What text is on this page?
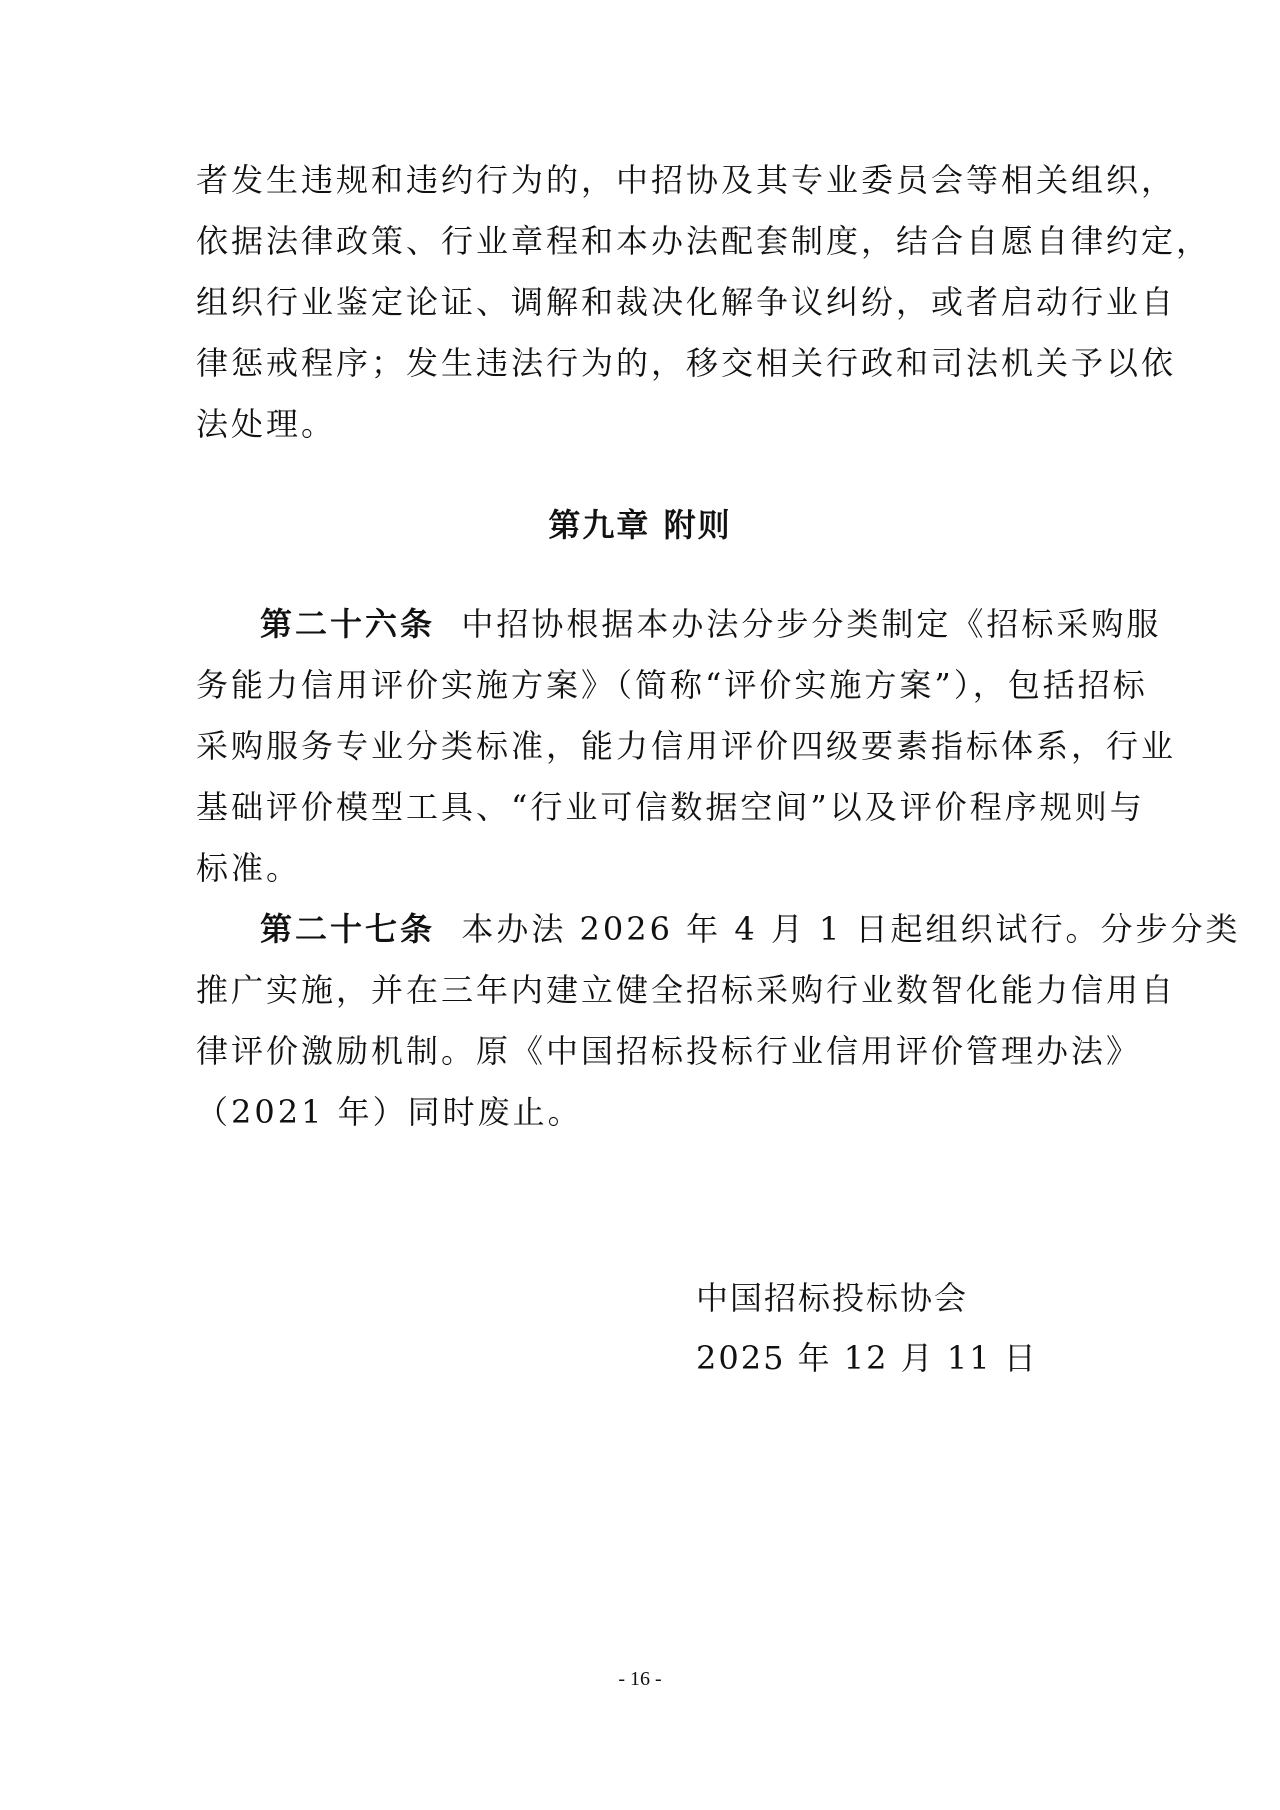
者发生违规和违约行为的，中招协及其专业委员会等相关组织，
依据法律政策、行业章程和本办法配套制度，结合自愿自律约定，
组织行业鉴定论证、调解和裁决化解争议纠纷，或者启动行业自
律惩戒程序；发生违法行为的，移交相关行政和司法机关予以依
法处理。
第九章 附则
第二十六条 中招协根据本办法分步分类制定《招标采购服
务能力信用评价实施方案》（简称“评价实施方案”），包括招标
采购服务专业分类标准，能力信用评价四级要素指标体系，行业
基础评价模型工具、“行业可信数据空间”以及评价程序规则与
标准。
第二十七条 本办法 2026 年 4 月 1 日起组织试行。分步分类
推广实施，并在三年内建立健全招标采购行业数智化能力信用自
律评价激励机制。原《中国招标投标行业信用评价管理办法》
（2021 年）同时废止。
中国招标投标协会
2025 年 12 月 11 日
- 16 -
